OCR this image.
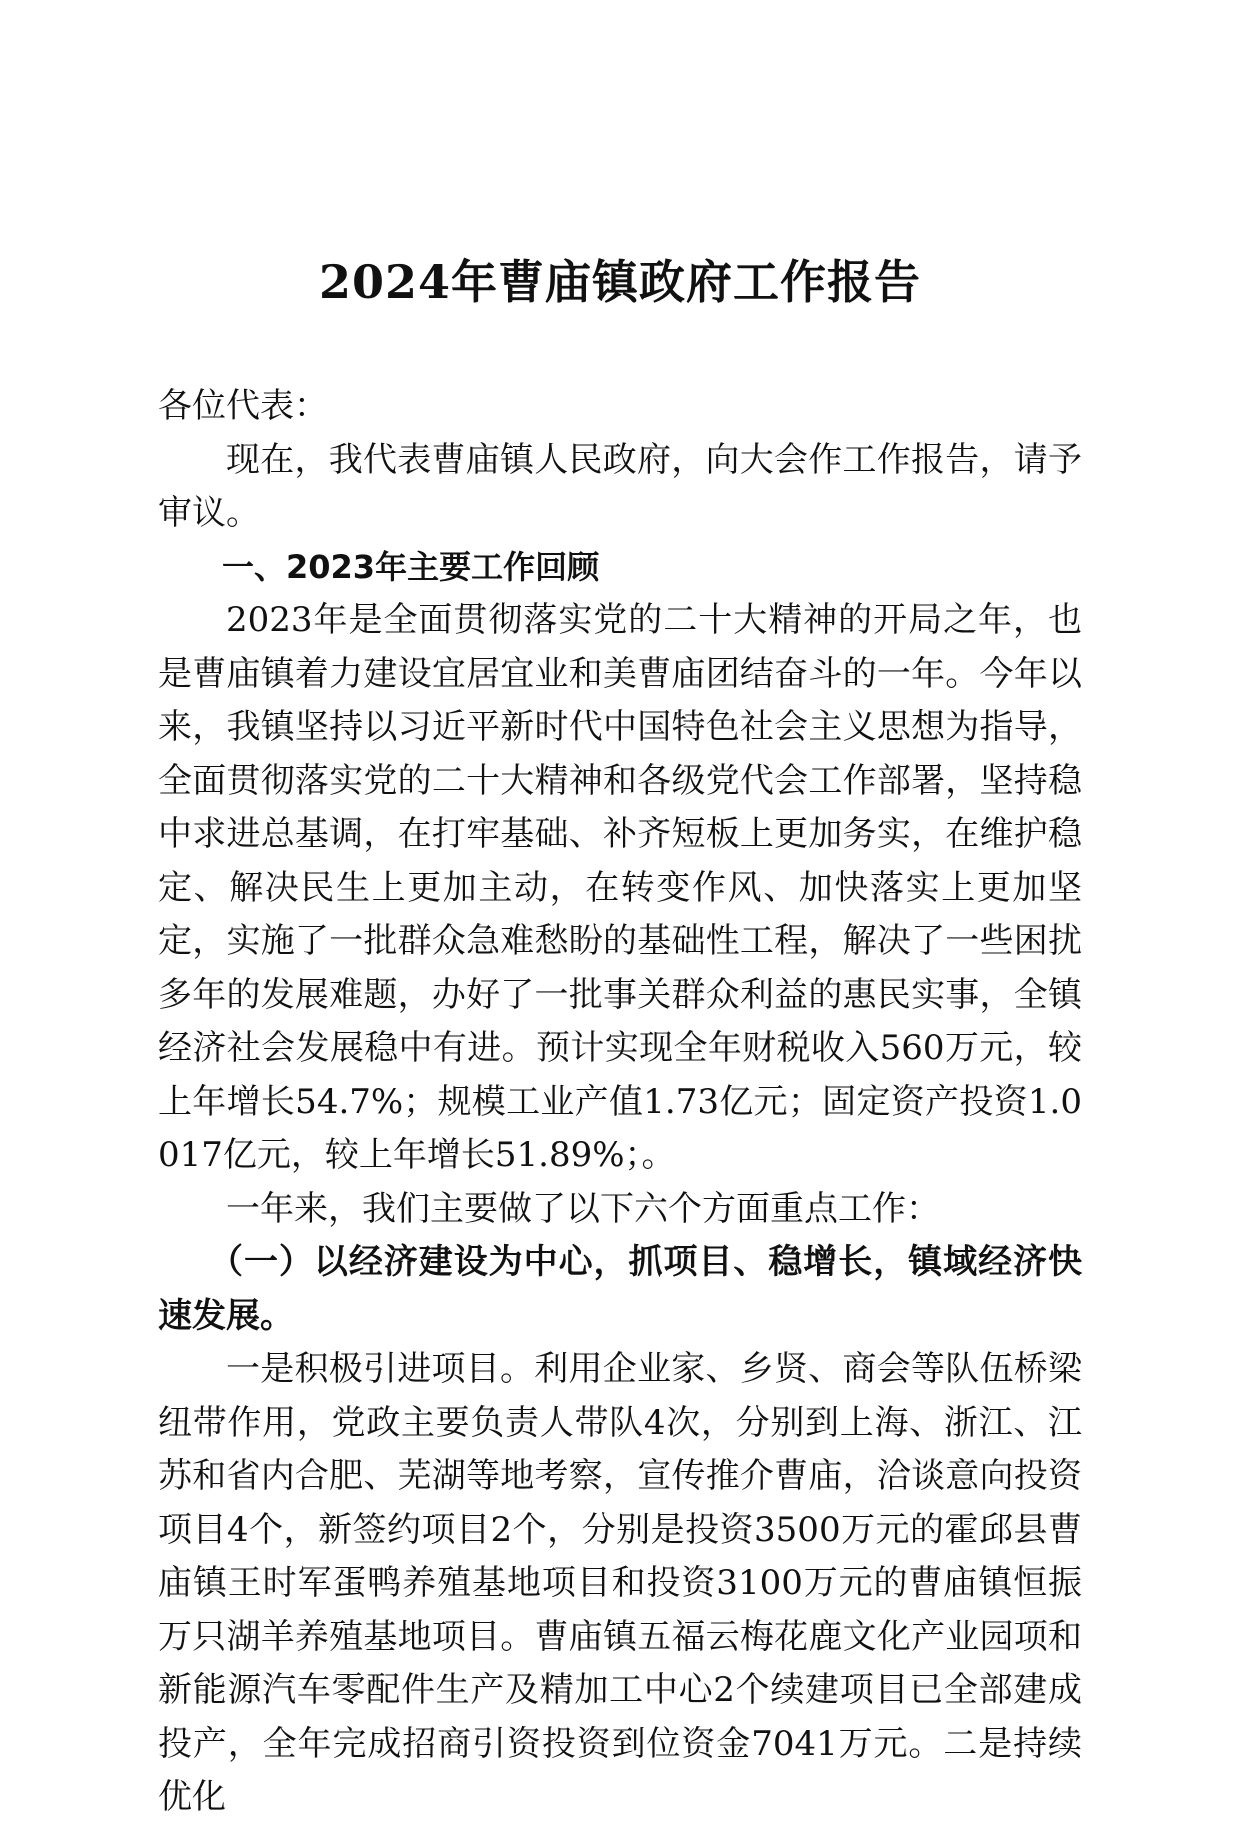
2024年曹庙镇政府工作报告

各位代表：

现在，我代表曹庙镇人民政府，向大会作工作报告，请予审议。

一、2023年主要工作回顾

2023年是全面贯彻落实党的二十大精神的开局之年，也是曹庙镇着力建设宜居宜业和美曹庙团结奋斗的一年。今年以来，我镇坚持以习近平新时代中国特色社会主义思想为指导，全面贯彻落实党的二十大精神和各级党代会工作部署，坚持稳中求进总基调，在打牢基础、补齐短板上更加务实，在维护稳定、解决民生上更加主动，在转变作风、加快落实上更加坚定，实施了一批群众急难愁盼的基础性工程，解决了一些困扰多年的发展难题，办好了一批事关群众利益的惠民实事，全镇经济社会发展稳中有进。预计实现全年财税收入560万元，较上年增长54.7%；规模工业产值1.73亿元；固定资产投资1.0017亿元，较上年增长51.89%；。

一年来，我们主要做了以下六个方面重点工作：

（一）以经济建设为中心，抓项目、稳增长，镇域经济快速发展。

一是积极引进项目。利用企业家、乡贤、商会等队伍桥梁纽带作用，党政主要负责人带队4次，分别到上海、浙江、江苏和省内合肥、芜湖等地考察，宣传推介曹庙，洽谈意向投资项目4个，新签约项目2个，分别是投资3500万元的霍邱县曹庙镇王时军蛋鸭养殖基地项目和投资3100万元的曹庙镇恒振万只湖羊养殖基地项目。曹庙镇五福云梅花鹿文化产业园项和新能源汽车零配件生产及精加工中心2个续建项目已全部建成投产，全年完成招商引资投资到位资金7041万元。二是持续优化
